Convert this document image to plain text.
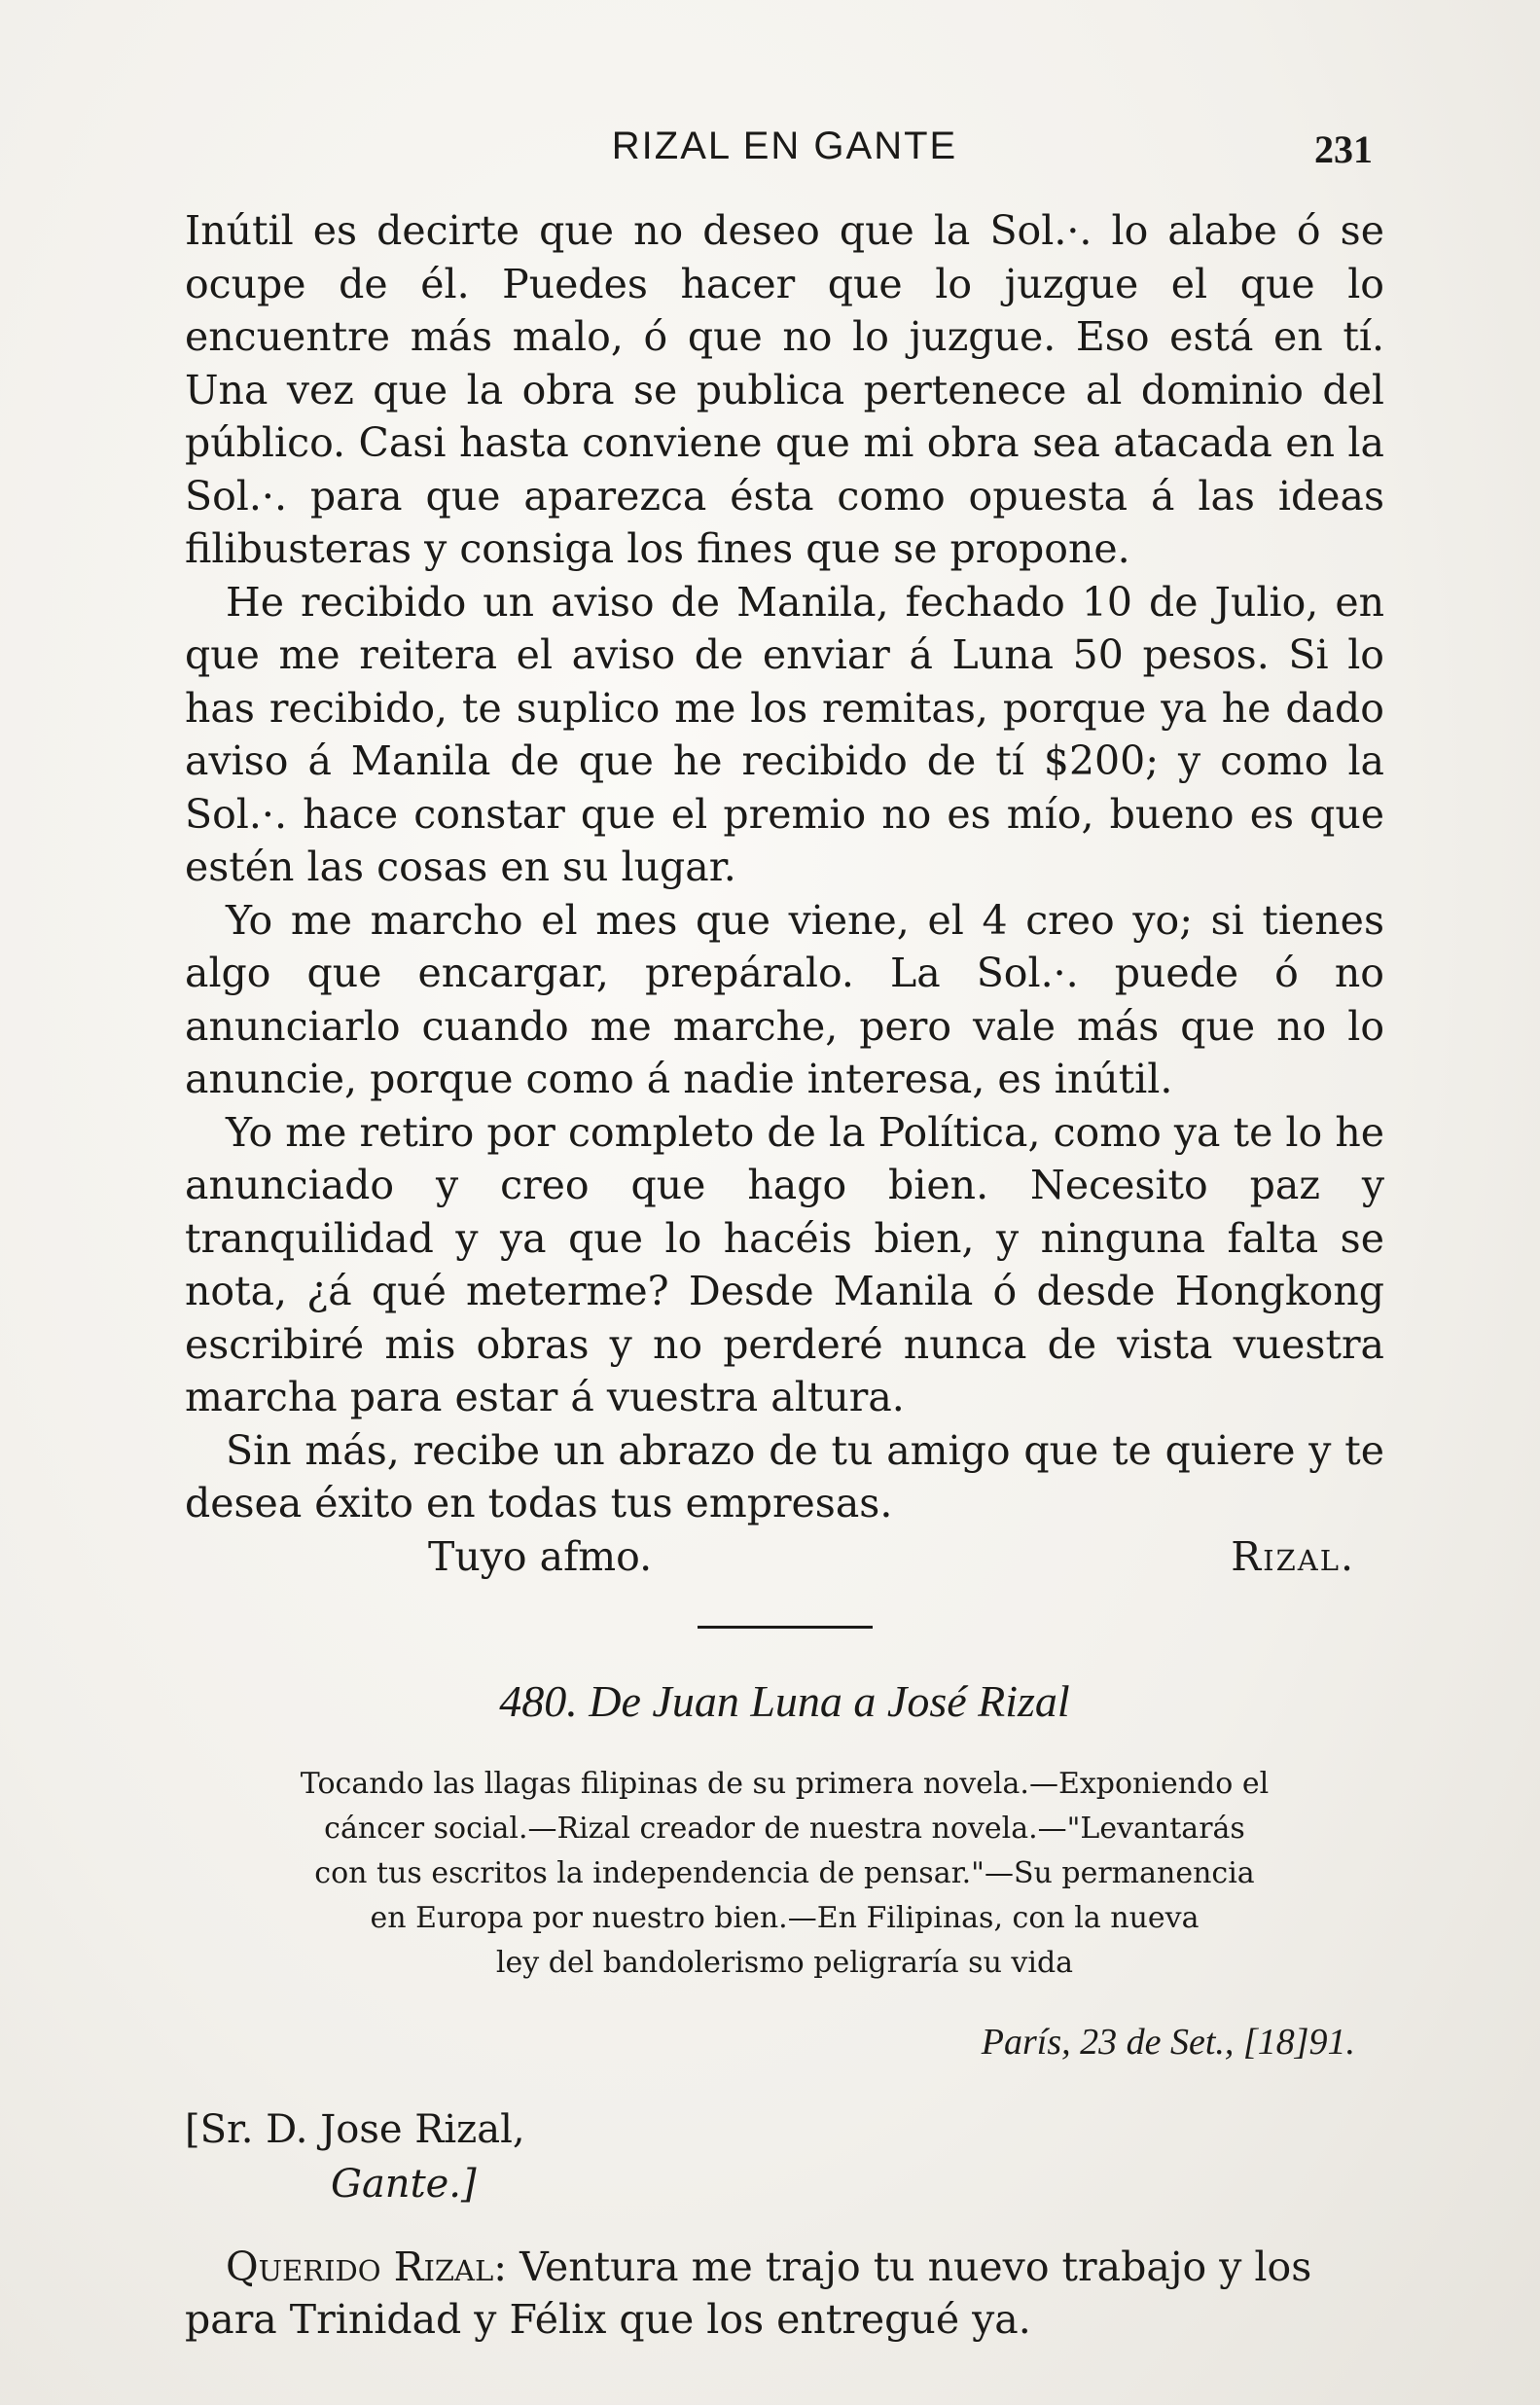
RIZAL EN GANTE	231

Inútil es decirte que no deseo que la Sol.·. lo alabe ó se ocupe de él. Puedes hacer que lo juzgue el que lo encuentre más malo, ó que no lo juzgue. Eso está en tí. Una vez que la obra se publica pertenece al dominio del público. Casi hasta conviene que mi obra sea atacada en la Sol.·. para que aparezca ésta como opuesta á las ideas filibusteras y consiga los fines que se propone.

He recibido un aviso de Manila, fechado 10 de Julio, en que me reitera el aviso de enviar á Luna 50 pesos. Si lo has recibido, te suplico me los remitas, porque ya he dado aviso á Manila de que he recibido de tí $200; y como la Sol.·. hace constar que el premio no es mío, bueno es que estén las cosas en su lugar.

Yo me marcho el mes que viene, el 4 creo yo; si tienes algo que encargar, prepáralo. La Sol.·. puede ó no anunciarlo cuando me marche, pero vale más que no lo anuncie, porque como á nadie interesa, es inútil.

Yo me retiro por completo de la Política, como ya te lo he anunciado y creo que hago bien. Necesito paz y tranquilidad y ya que lo hacéis bien, y ninguna falta se nota, ¿á qué meterme? Desde Manila ó desde Hongkong escribiré mis obras y no perderé nunca de vista vuestra marcha para estar á vuestra altura.

Sin más, recibe un abrazo de tu amigo que te quiere y te desea éxito en todas tus empresas.

Tuyo afmo.	Rizal.
480. De Juan Luna a José Rizal
Tocando las llagas filipinas de su primera novela.—Exponiendo el
cáncer social.—Rizal creador de nuestra novela.—"Levantarás
con tus escritos la independencia de pensar."—Su permanencia
en Europa por nuestro bien.—En Filipinas, con la nueva
ley del bandolerismo peligraría su vida
París, 23 de Set., [18]91.
[Sr. D. Jose Rizal,
Gante.]

Querido Rizal: Ventura me trajo tu nuevo trabajo y los para Trinidad y Félix que los entregué ya.
